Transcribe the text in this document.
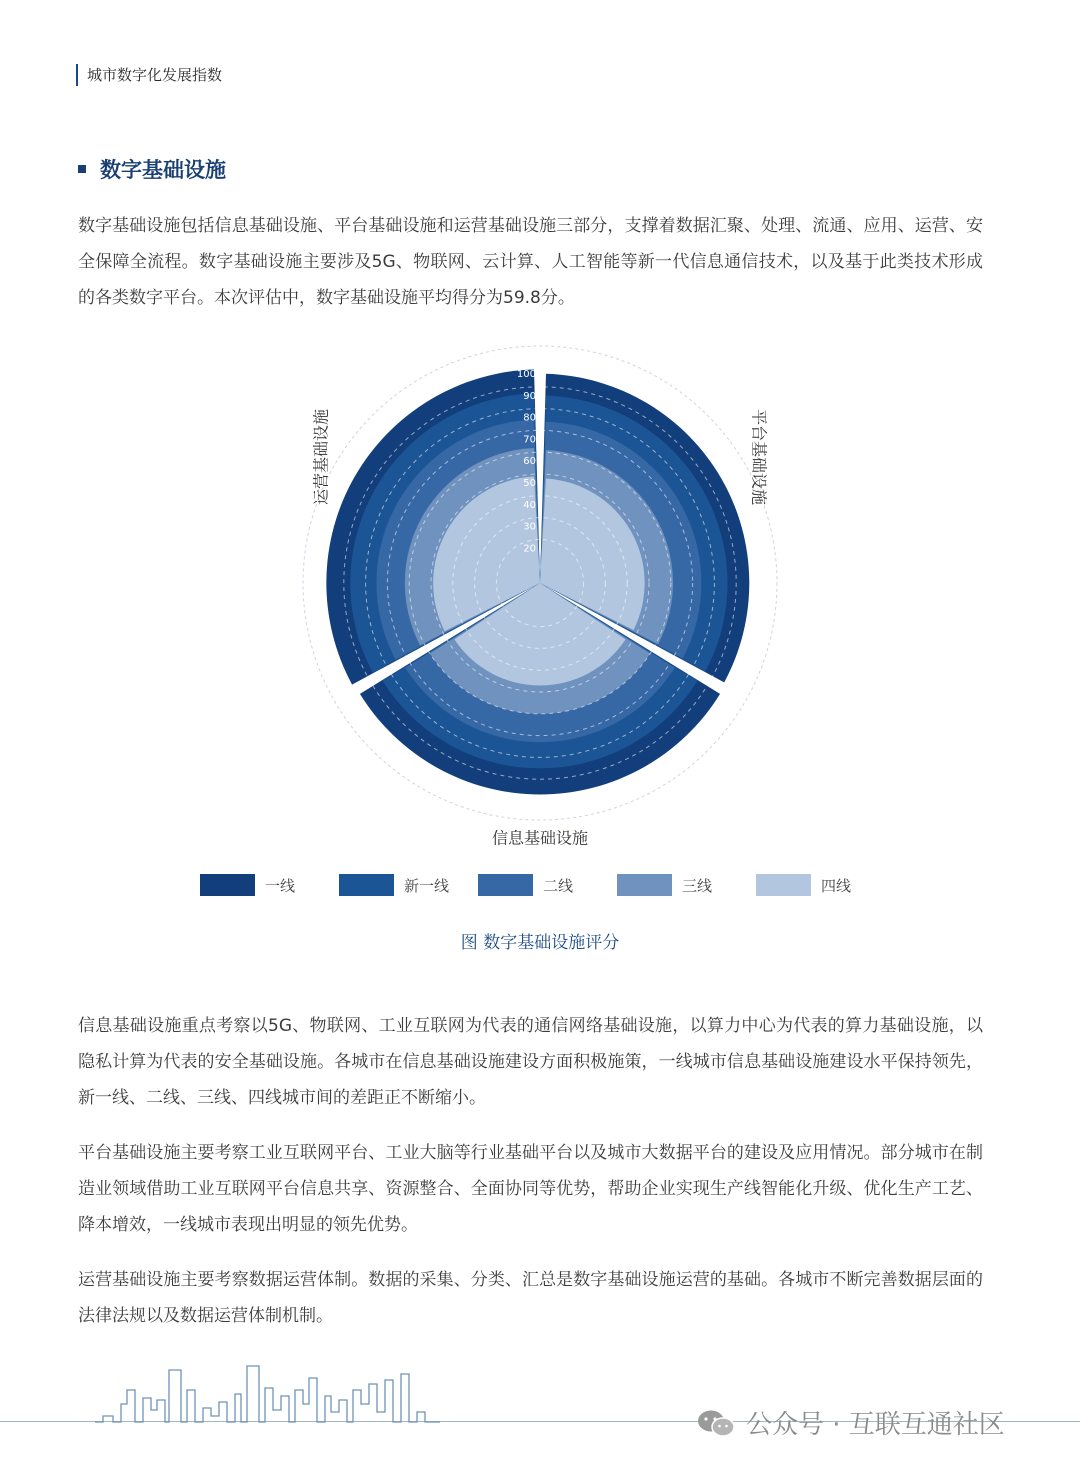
城市数字化发展指数
数字基础设施

数字基础设施包括信息基础设施、平台基础设施和运营基础设施三部分，支撑着数据汇聚、处理、流通、应用、运营、安全保障全流程。数字基础设施主要涉及5G、物联网、云计算、人工智能等新一代信息通信技术，以及基于此类技术形成的各类数字平台。本次评估中，数字基础设施平均得分为59.8分。

20
30
40
50
60
70
80
90
100
平台基础设施
信息基础设施
运营基础设施
一线	新一线	二线	三线	四线
图 数字基础设施评分

信息基础设施重点考察以5G、物联网、工业互联网为代表的通信网络基础设施，以算力中心为代表的算力基础设施，以隐私计算为代表的安全基础设施。各城市在信息基础设施建设方面积极施策，一线城市信息基础设施建设水平保持领先，新一线、二线、三线、四线城市间的差距正不断缩小。

平台基础设施主要考察工业互联网平台、工业大脑等行业基础平台以及城市大数据平台的建设及应用情况。部分城市在制造业领域借助工业互联网平台信息共享、资源整合、全面协同等优势，帮助企业实现生产线智能化升级、优化生产工艺、降本增效，一线城市表现出明显的领先优势。

运营基础设施主要考察数据运营体制。数据的采集、分类、汇总是数字基础设施运营的基础。各城市不断完善数据层面的法律法规以及数据运营体制机制。

公众号 · 互联互通社区
